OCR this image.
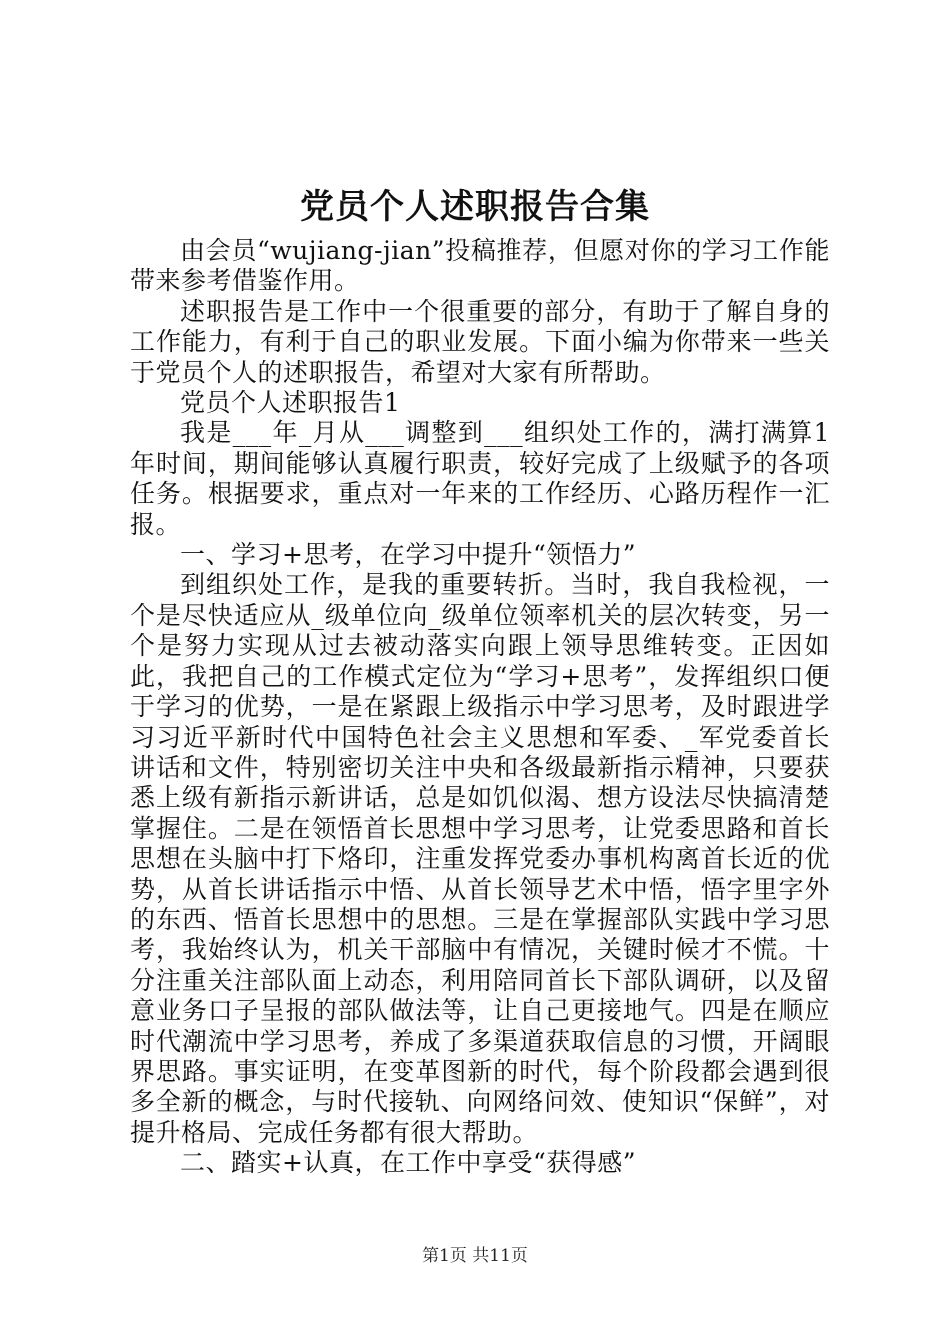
党员个人述职报告合集

由会员“wujiang-jian”投稿推荐，但愿对你的学习工作能带来参考借鉴作用。

述职报告是工作中一个很重要的部分，有助于了解自身的工作能力，有利于自己的职业发展。下面小编为你带来一些关于党员个人的述职报告，希望对大家有所帮助。

党员个人述职报告1

我是___年_月从___调整到___组织处工作的，满打满算1年时间，期间能够认真履行职责，较好完成了上级赋予的各项任务。根据要求，重点对一年来的工作经历、心路历程作一汇报。

一、学习+思考，在学习中提升“领悟力”

到组织处工作，是我的重要转折。当时，我自我检视，一个是尽快适应从_级单位向_级单位领率机关的层次转变，另一个是努力实现从过去被动落实向跟上领导思维转变。正因如此，我把自己的工作模式定位为“学习+思考”，发挥组织口便于学习的优势，一是在紧跟上级指示中学习思考，及时跟进学习习近平新时代中国特色社会主义思想和军委、_军党委首长讲话和文件，特别密切关注中央和各级最新指示精神，只要获悉上级有新指示新讲话，总是如饥似渴、想方设法尽快搞清楚掌握住。二是在领悟首长思想中学习思考，让党委思路和首长思想在头脑中打下烙印，注重发挥党委办事机构离首长近的优势，从首长讲话指示中悟、从首长领导艺术中悟，悟字里字外的东西、悟首长思想中的思想。三是在掌握部队实践中学习思考，我始终认为，机关干部脑中有情况，关键时候才不慌。十分注重关注部队面上动态，利用陪同首长下部队调研，以及留意业务口子呈报的部队做法等，让自己更接地气。四是在顺应时代潮流中学习思考，养成了多渠道获取信息的习惯，开阔眼界思路。事实证明，在变革图新的时代，每个阶段都会遇到很多全新的概念，与时代接轨、向网络问效、使知识“保鲜”，对提升格局、完成任务都有很大帮助。

二、踏实+认真，在工作中享受“获得感”

第1页 共11页
